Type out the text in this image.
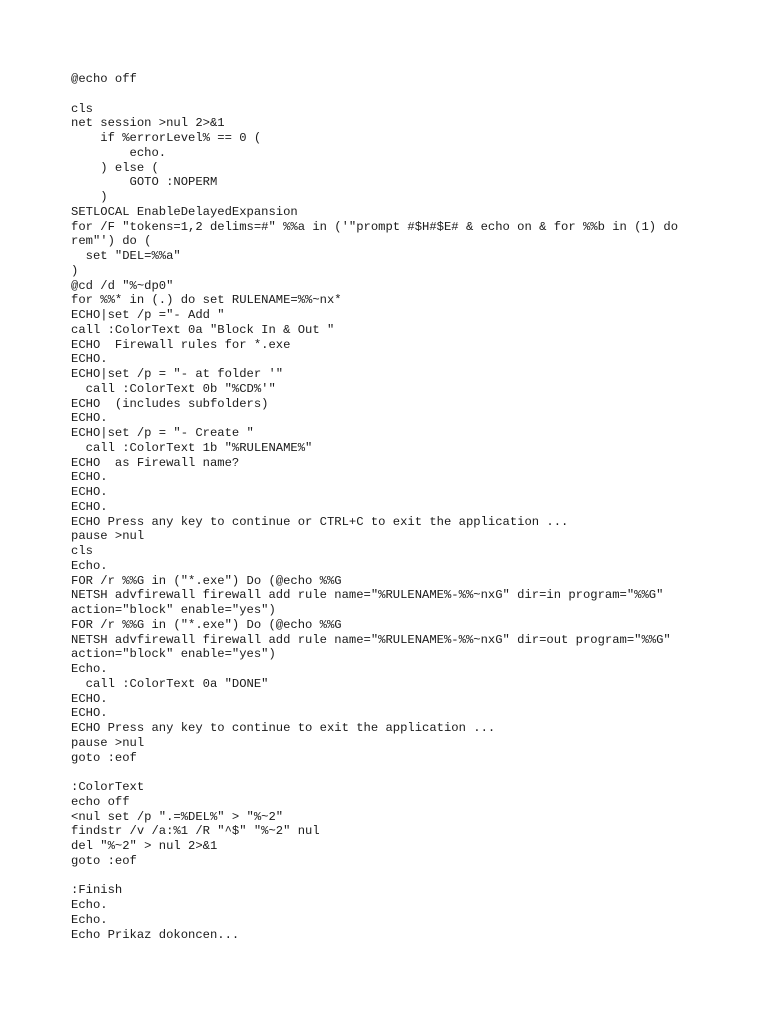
@echo off
cls
net session >nul 2>&1
if %errorLevel% == 0 (
echo.
) else (
GOTO :NOPERM
)
SETLOCAL EnableDelayedExpansion
for /F "tokens=1,2 delims=#" %%a in ('"prompt #$H#$E# & echo on & for %%b in (1) do
rem"') do (
set "DEL=%%a"
)
@cd /d "%~dp0"
for %%* in (.) do set RULENAME=%%~nx*
ECHO|set /p ="- Add "
call :ColorText 0a "Block In & Out "
ECHO  Firewall rules for *.exe
ECHO.
ECHO|set /p = "- at folder '"
call :ColorText 0b "%CD%'"
ECHO  (includes subfolders)
ECHO.
ECHO|set /p = "- Create "
call :ColorText 1b "%RULENAME%"
ECHO  as Firewall name?
ECHO.
ECHO.
ECHO.
ECHO Press any key to continue or CTRL+C to exit the application ...
pause >nul
cls
Echo.
FOR /r %%G in ("*.exe") Do (@echo %%G
NETSH advfirewall firewall add rule name="%RULENAME%-%%~nxG" dir=in program="%%G"
action="block" enable="yes")
FOR /r %%G in ("*.exe") Do (@echo %%G
NETSH advfirewall firewall add rule name="%RULENAME%-%%~nxG" dir=out program="%%G"
action="block" enable="yes")
Echo.
call :ColorText 0a "DONE"
ECHO.
ECHO.
ECHO Press any key to continue to exit the application ...
pause >nul
goto :eof
:ColorText
echo off
<nul set /p ".=%DEL%" > "%~2"
findstr /v /a:%1 /R "^$" "%~2" nul
del "%~2" > nul 2>&1
goto :eof
:Finish
Echo.
Echo.
Echo Prikaz dokoncen...
